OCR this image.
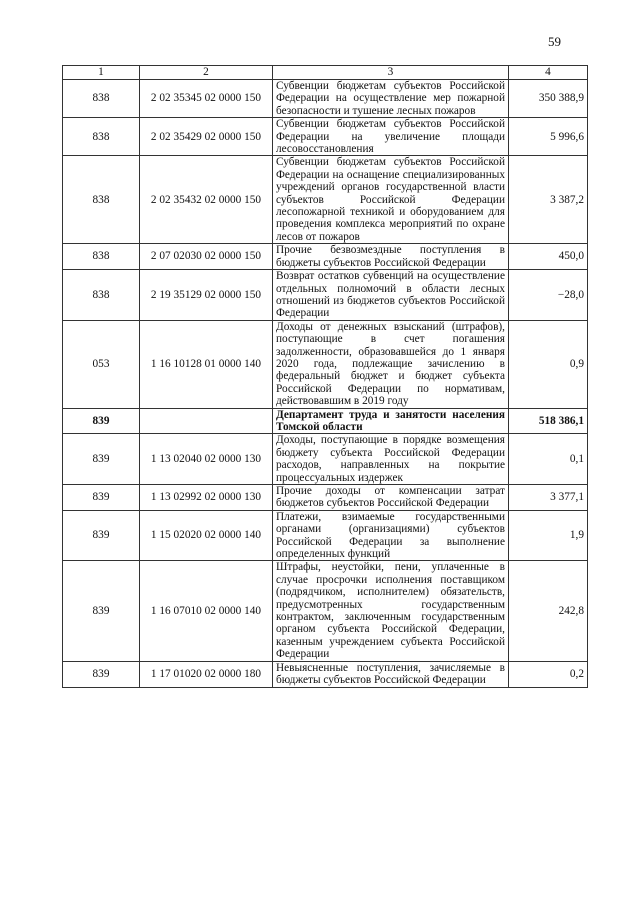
59
1	2	3	4
838	2 02 35345 02 0000 150	Субвенции бюджетам субъектов Российской Федерации на осуществление мер пожарной безопасности и тушение лесных пожаров	350 388,9
838	2 02 35429 02 0000 150	Субвенции бюджетам субъектов Российской Федерации на увеличение площади лесовосстановления	5 996,6
838	2 02 35432 02 0000 150	Субвенции бюджетам субъектов Российской Федерации на оснащение специализированных учреждений органов государственной власти субъектов Российской Федерации лесопожарной техникой и оборудованием для проведения комплекса мероприятий по охране лесов от пожаров	3 387,2
838	2 07 02030 02 0000 150	Прочие безвозмездные поступления в бюджеты субъектов Российской Федерации	450,0
838	2 19 35129 02 0000 150	Возврат остатков субвенций на осуществление отдельных полномочий в области лесных отношений из бюджетов субъектов Российской Федерации	−28,0
053	1 16 10128 01 0000 140	Доходы от денежных взысканий (штрафов), поступающие в счет погашения задолженности, образовавшейся до 1 января 2020 года, подлежащие зачислению в федеральный бюджет и бюджет субъекта Российской Федерации по нормативам, действовавшим в 2019 году	0,9
839		Департамент труда и занятости населения Томской области	518 386,1
839	1 13 02040 02 0000 130	Доходы, поступающие в порядке возмещения бюджету субъекта Российской Федерации расходов, направленных на покрытие процессуальных издержек	0,1
839	1 13 02992 02 0000 130	Прочие доходы от компенсации затрат бюджетов субъектов Российской Федерации	3 377,1
839	1 15 02020 02 0000 140	Платежи, взимаемые государственными органами (организациями) субъектов Российской Федерации за выполнение определенных функций	1,9
839	1 16 07010 02 0000 140	Штрафы, неустойки, пени, уплаченные в случае просрочки исполнения поставщиком (подрядчиком, исполнителем) обязательств, предусмотренных государственным контрактом, заключенным государственным органом субъекта Российской Федерации, казенным учреждением субъекта Российской Федерации	242,8
839	1 17 01020 02 0000 180	Невыясненные поступления, зачисляемые в бюджеты субъектов Российской Федерации	0,2
